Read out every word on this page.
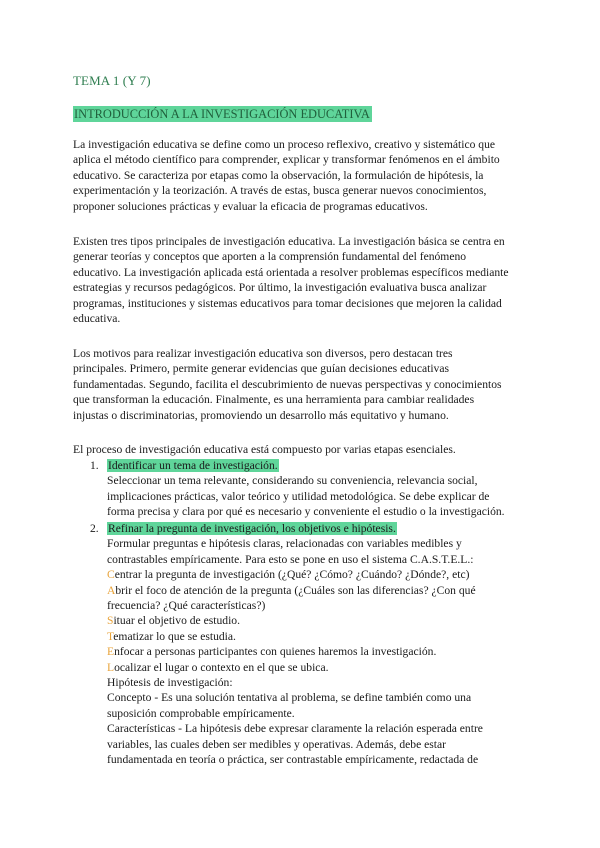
TEMA 1 (Y 7)
INTRODUCCIÓN A LA INVESTIGACIÓN EDUCATIVA

La investigación educativa se define como un proceso reflexivo, creativo y sistemático que
aplica el método científico para comprender, explicar y transformar fenómenos en el ámbito
educativo. Se caracteriza por etapas como la observación, la formulación de hipótesis, la
experimentación y la teorización. A través de estas, busca generar nuevos conocimientos,
proponer soluciones prácticas y evaluar la eficacia de programas educativos.

Existen tres tipos principales de investigación educativa. La investigación básica se centra en
generar teorías y conceptos que aporten a la comprensión fundamental del fenómeno
educativo. La investigación aplicada está orientada a resolver problemas específicos mediante
estrategias y recursos pedagógicos. Por último, la investigación evaluativa busca analizar
programas, instituciones y sistemas educativos para tomar decisiones que mejoren la calidad
educativa.

Los motivos para realizar investigación educativa son diversos, pero destacan tres
principales. Primero, permite generar evidencias que guían decisiones educativas
fundamentadas. Segundo, facilita el descubrimiento de nuevas perspectivas y conocimientos
que transforman la educación. Finalmente, es una herramienta para cambiar realidades
injustas o discriminatorias, promoviendo un desarrollo más equitativo y humano.

El proceso de investigación educativa está compuesto por varias etapas esenciales.

1. Identificar un tema de investigación.
Seleccionar un tema relevante, considerando su conveniencia, relevancia social,
implicaciones prácticas, valor teórico y utilidad metodológica. Se debe explicar de
forma precisa y clara por qué es necesario y conveniente el estudio o la investigación.
2. Refinar la pregunta de investigación, los objetivos e hipótesis.
Formular preguntas e hipótesis claras, relacionadas con variables medibles y
contrastables empíricamente. Para esto se pone en uso el sistema C.A.S.T.E.L.:
Centrar la pregunta de investigación (¿Qué? ¿Cómo? ¿Cuándo? ¿Dónde?, etc)
Abrir el foco de atención de la pregunta (¿Cuáles son las diferencias? ¿Con qué
frecuencia? ¿Qué características?)
Situar el objetivo de estudio.
Tematizar lo que se estudia.
Enfocar a personas participantes con quienes haremos la investigación.
Localizar el lugar o contexto en el que se ubica.
Hipótesis de investigación:
Concepto - Es una solución tentativa al problema, se define también como una
suposición comprobable empíricamente.
Características - La hipótesis debe expresar claramente la relación esperada entre
variables, las cuales deben ser medibles y operativas. Además, debe estar
fundamentada en teoría o práctica, ser contrastable empíricamente, redactada de
